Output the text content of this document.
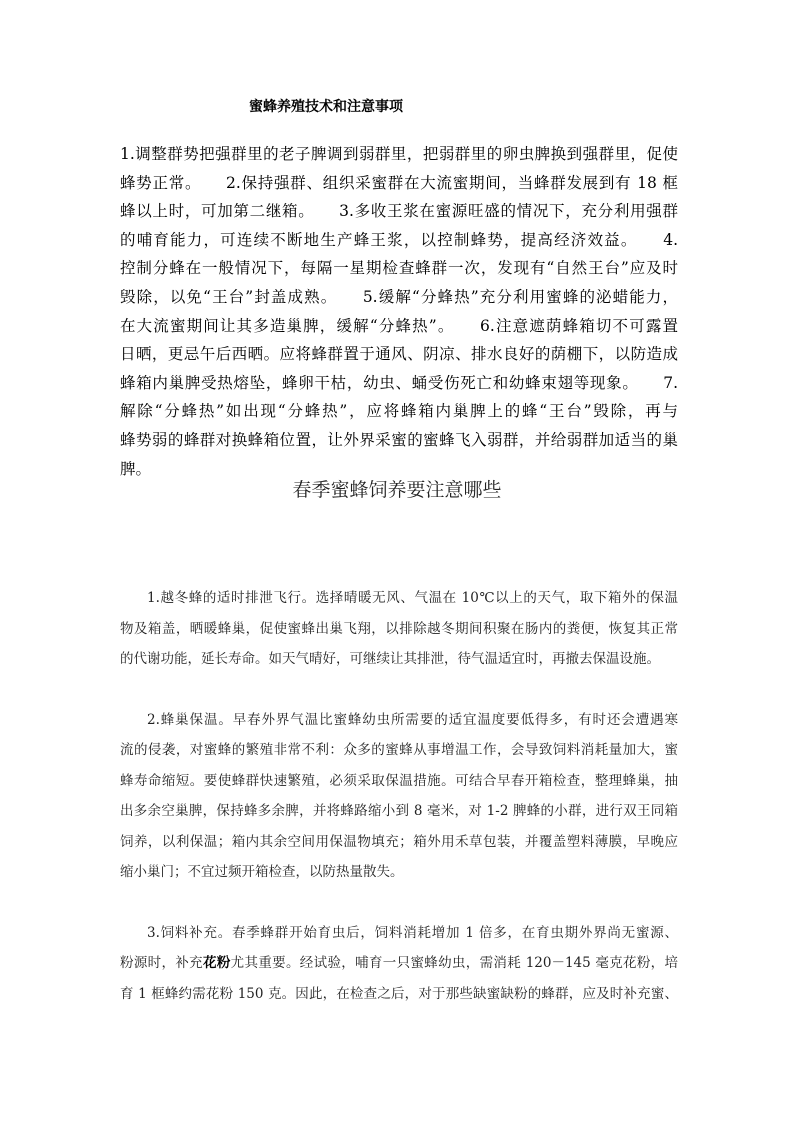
蜜蜂养殖技术和注意事项
1.调整群势把强群里的老子脾调到弱群里，把弱群里的卵虫脾换到强群里，促使
蜂势正常。　　2.保持强群、组织采蜜群在大流蜜期间，当蜂群发展到有 18 框
蜂以上时，可加第二继箱。　　3.多收王浆在蜜源旺盛的情况下，充分利用强群
的哺育能力，可连续不断地生产蜂王浆，以控制蜂势，提高经济效益。　　4.
控制分蜂在一般情况下，每隔一星期检查蜂群一次，发现有“自然王台”应及时
毁除，以免“王台”封盖成熟。　　5.缓解“分蜂热”充分利用蜜蜂的泌蜡能力，
在大流蜜期间让其多造巢脾，缓解“分蜂热”。　　6.注意遮荫蜂箱切不可露置
日晒，更忌午后西晒。应将蜂群置于通风、阴凉、排水良好的荫棚下，以防造成
蜂箱内巢脾受热熔坠，蜂卵干枯，幼虫、蛹受伤死亡和幼蜂束翅等现象。　　7.
解除“分蜂热”如出现“分蜂热”，应将蜂箱内巢脾上的蜂“王台”毁除，再与
蜂势弱的蜂群对换蜂箱位置，让外界采蜜的蜜蜂飞入弱群，并给弱群加适当的巢
脾。
春季蜜蜂饲养要注意哪些
1.越冬蜂的适时排泄飞行。选择晴暖无风、气温在 10℃以上的天气，取下箱外的保温
物及箱盖，晒暖蜂巢，促使蜜蜂出巢飞翔，以排除越冬期间积聚在肠内的粪便，恢复其正常
的代谢功能，延长寿命。如天气晴好，可继续让其排泄，待气温适宜时，再撤去保温设施。
2.蜂巢保温。早春外界气温比蜜蜂幼虫所需要的适宜温度要低得多，有时还会遭遇寒
流的侵袭，对蜜蜂的繁殖非常不利：众多的蜜蜂从事增温工作，会导致饲料消耗量加大，蜜
蜂寿命缩短。要使蜂群快速繁殖，必须采取保温措施。可结合早春开箱检查，整理蜂巢，抽
出多余空巢脾，保持蜂多余脾，并将蜂路缩小到 8 毫米，对 1-2 脾蜂的小群，进行双王同箱
饲养，以利保温；箱内其余空间用保温物填充；箱外用禾草包装，并覆盖塑料薄膜，早晚应
缩小巢门；不宜过频开箱检查，以防热量散失。
3.饲料补充。春季蜂群开始育虫后，饲料消耗增加 1 倍多，在育虫期外界尚无蜜源、
粉源时，补充花粉尤其重要。经试验，哺育一只蜜蜂幼虫，需消耗 120－145 毫克花粉，培
育 1 框蜂约需花粉 150 克。因此，在检查之后，对于那些缺蜜缺粉的蜂群，应及时补充蜜、
